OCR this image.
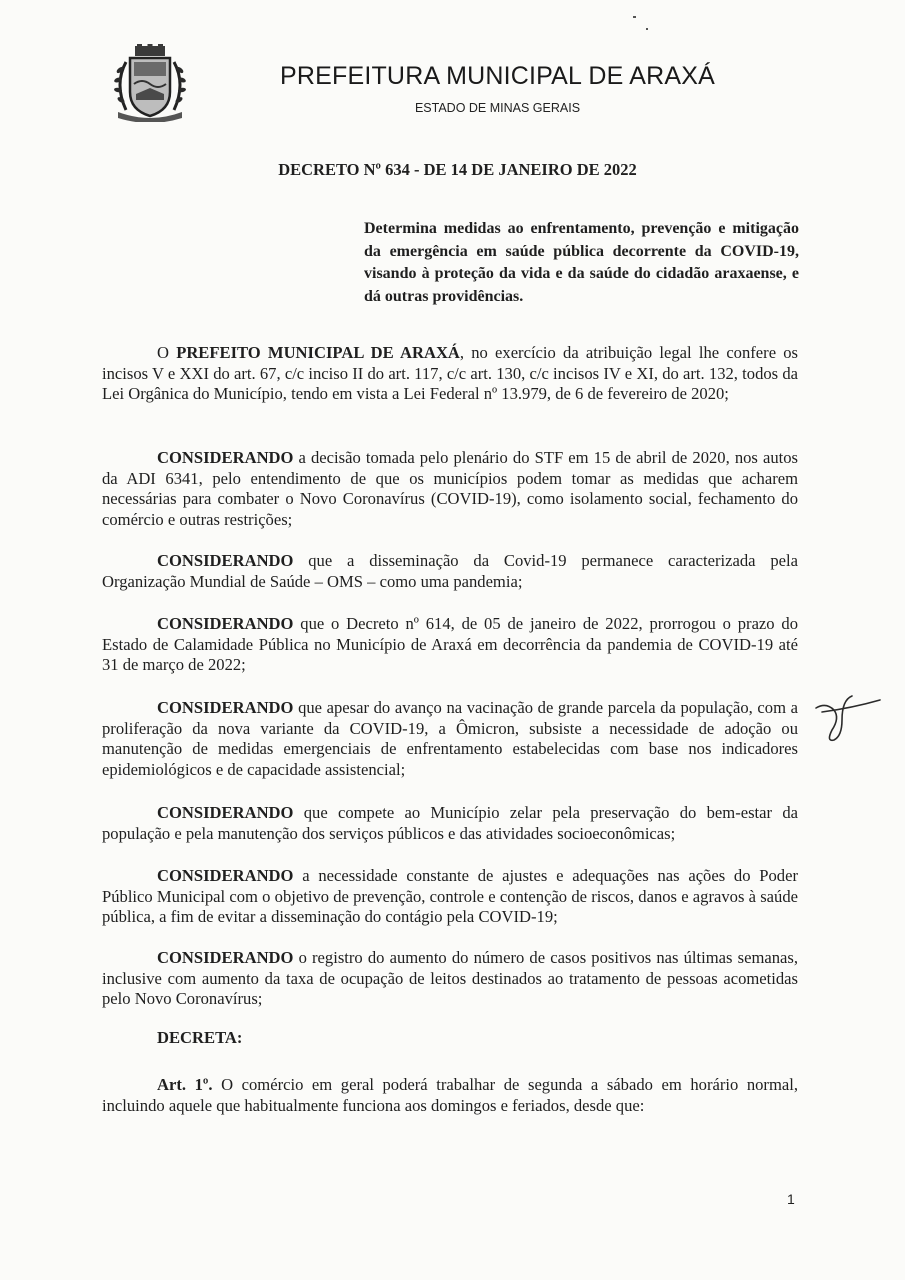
PREFEITURA MUNICIPAL DE ARAXÁ
ESTADO DE MINAS GERAIS
DECRETO Nº 634 - DE 14 DE JANEIRO DE 2022
Determina medidas ao enfrentamento, prevenção e mitigação da emergência em saúde pública decorrente da COVID-19, visando à proteção da vida e da saúde do cidadão araxaense, e dá outras providências.
O PREFEITO MUNICIPAL DE ARAXÁ, no exercício da atribuição legal lhe confere os incisos V e XXI do art. 67, c/c inciso II do art. 117, c/c art. 130, c/c incisos IV e XI, do art. 132, todos da Lei Orgânica do Município, tendo em vista a Lei Federal nº 13.979, de 6 de fevereiro de 2020;
CONSIDERANDO a decisão tomada pelo plenário do STF em 15 de abril de 2020, nos autos da ADI 6341, pelo entendimento de que os municípios podem tomar as medidas que acharem necessárias para combater o Novo Coronavírus (COVID-19), como isolamento social, fechamento do comércio e outras restrições;
CONSIDERANDO que a disseminação da Covid-19 permanece caracterizada pela Organização Mundial de Saúde – OMS – como uma pandemia;
CONSIDERANDO que o Decreto nº 614, de 05 de janeiro de 2022, prorrogou o prazo do Estado de Calamidade Pública no Município de Araxá em decorrência da pandemia de COVID-19 até 31 de março de 2022;
CONSIDERANDO que apesar do avanço na vacinação de grande parcela da população, com a proliferação da nova variante da COVID-19, a Ômicron, subsiste a necessidade de adoção ou manutenção de medidas emergenciais de enfrentamento estabelecidas com base nos indicadores epidemiológicos e de capacidade assistencial;
CONSIDERANDO que compete ao Município zelar pela preservação do bem-estar da população e pela manutenção dos serviços públicos e das atividades socioeconômicas;
CONSIDERANDO a necessidade constante de ajustes e adequações nas ações do Poder Público Municipal com o objetivo de prevenção, controle e contenção de riscos, danos e agravos à saúde pública, a fim de evitar a disseminação do contágio pela COVID-19;
CONSIDERANDO o registro do aumento do número de casos positivos nas últimas semanas, inclusive com aumento da taxa de ocupação de leitos destinados ao tratamento de pessoas acometidas pelo Novo Coronavírus;
DECRETA:
Art. 1º. O comércio em geral poderá trabalhar de segunda a sábado em horário normal, incluindo aquele que habitualmente funciona aos domingos e feriados, desde que:
1
